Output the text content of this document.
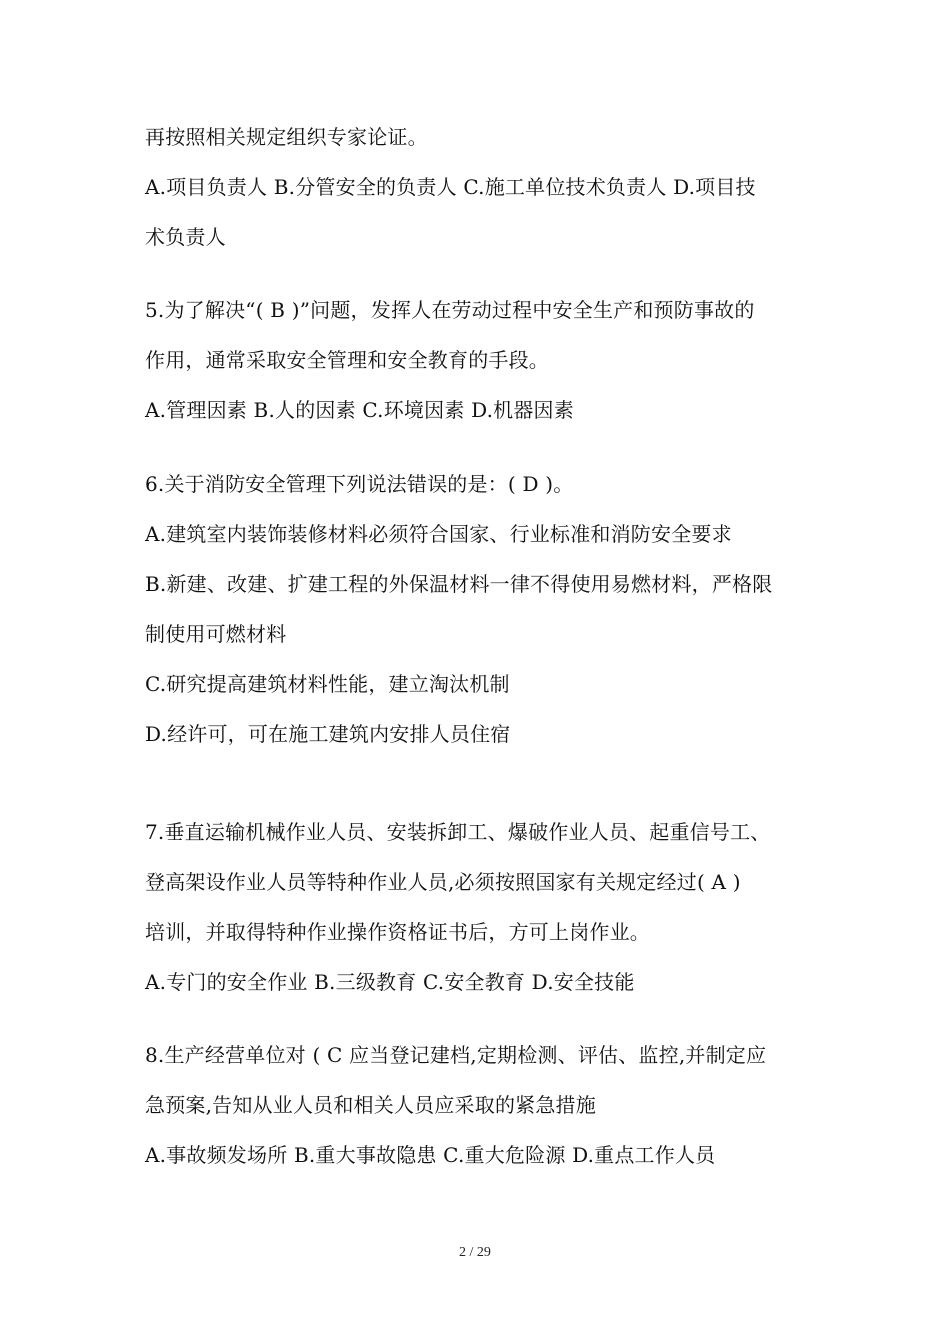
再按照相关规定组织专家论证。
A.项目负责人 B.分管安全的负责人 C.施工单位技术负责人 D.项目技
术负责人
5.为了解决“( B )”问题，发挥人在劳动过程中安全生产和预防事故的
作用，通常采取安全管理和安全教育的手段。
A.管理因素 B.人的因素 C.环境因素 D.机器因素
6.关于消防安全管理下列说法错误的是：( D )。
A.建筑室内装饰装修材料必须符合国家、行业标准和消防安全要求
B.新建、改建、扩建工程的外保温材料一律不得使用易燃材料，严格限
制使用可燃材料
C.研究提高建筑材料性能，建立淘汰机制
D.经许可，可在施工建筑内安排人员住宿
7.垂直运输机械作业人员、安装拆卸工、爆破作业人员、起重信号工、
登高架设作业人员等特种作业人员,必须按照国家有关规定经过( A )
培训，并取得特种作业操作资格证书后，方可上岗作业。
A.专门的安全作业 B.三级教育 C.安全教育 D.安全技能
8.生产经营单位对 ( C 应当登记建档,定期检测、评估、监控,并制定应
急预案,告知从业人员和相关人员应采取的紧急措施
A.事故频发场所 B.重大事故隐患 C.重大危险源 D.重点工作人员
2 / 29
